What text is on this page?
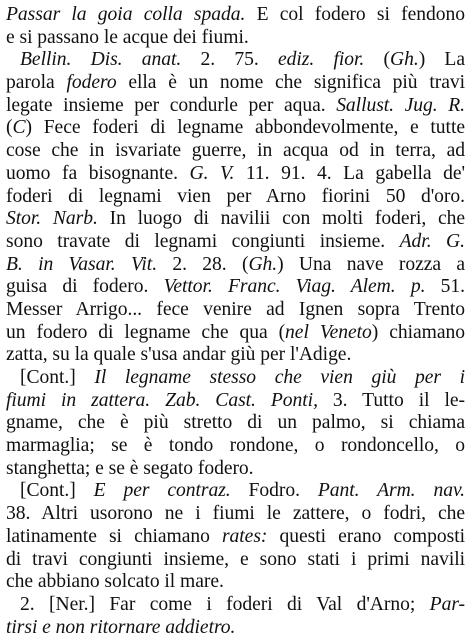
Passar la goia colla spada. E col fodero si fendono
e si passano le acque dei fiumi.
Bellin. Dis. anat. 2. 75. ediz. fior. (Gh.) La
parola fodero ella è un nome che significa più travi
legate insieme per condurle per aqua. Sallust. Jug. R.
(C) Fece foderi di legname abbondevolmente, e tutte
cose che in isvariate guerre, in acqua od in terra, ad
uomo fa bisognante. G. V. 11. 91. 4. La gabella de'
foderi di legnami vien per Arno fiorini 50 d'oro.
Stor. Narb. In luogo di navilii con molti foderi, che
sono travate di legnami congiunti insieme. Adr. G.
B. in Vasar. Vit. 2. 28. (Gh.) Una nave rozza a
guisa di fodero. Vettor. Franc. Viag. Alem. p. 51.
Messer Arrigo... fece venire ad Ignen sopra Trento
un fodero di legname che qua (nel Veneto) chiamano
zatta, su la quale s'usa andar giù per l'Adige.
[Cont.] Il legname stesso che vien giù per i
fiumi in zattera. Zab. Cast. Ponti, 3. Tutto il le-
gname, che è più stretto di un palmo, si chiama
marmaglia; se è tondo rondone, o rondoncello, o
stanghetta; e se è segato fodero.
[Cont.] E per contraz. Fodro. Pant. Arm. nav.
38. Altri usorono ne i fiumi le zattere, o fodri, che
latinamente si chiamano rates: questi erano composti
di travi congiunti insieme, e sono stati i primi navili
che abbiano solcato il mare.
2. [Ner.] Far come i foderi di Val d'Arno; Par-
tirsi e non ritornare addietro.
